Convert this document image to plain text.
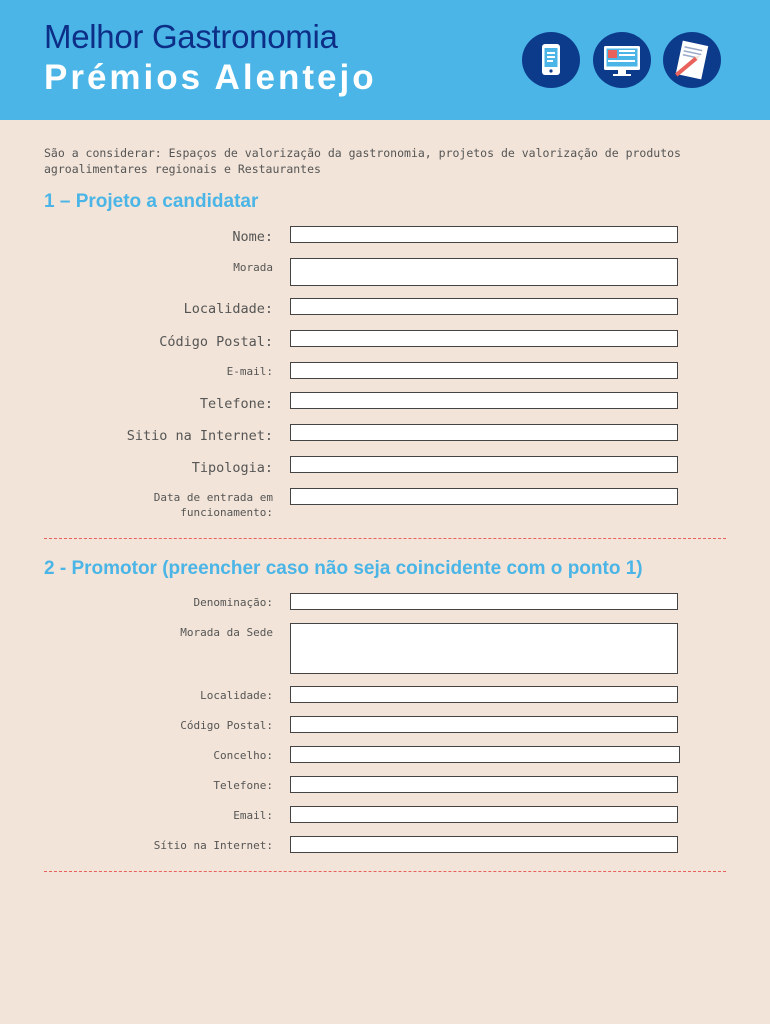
Melhor Gastronomia
Prémios Alentejo
São a considerar: Espaços de valorização da gastronomia, projetos de valorização de produtos agroalimentares regionais e Restaurantes
1 – Projeto a candidatar
Nome:
Morada
Localidade:
Código Postal:
E-mail:
Telefone:
Sitio na Internet:
Tipologia:
Data de entrada em
funcionamento:
2 - Promotor (preencher caso não seja coincidente com o ponto 1)
Denominação:
Morada da Sede
Localidade:
Código Postal:
Concelho:
Telefone:
Email:
Sítio na Internet:
